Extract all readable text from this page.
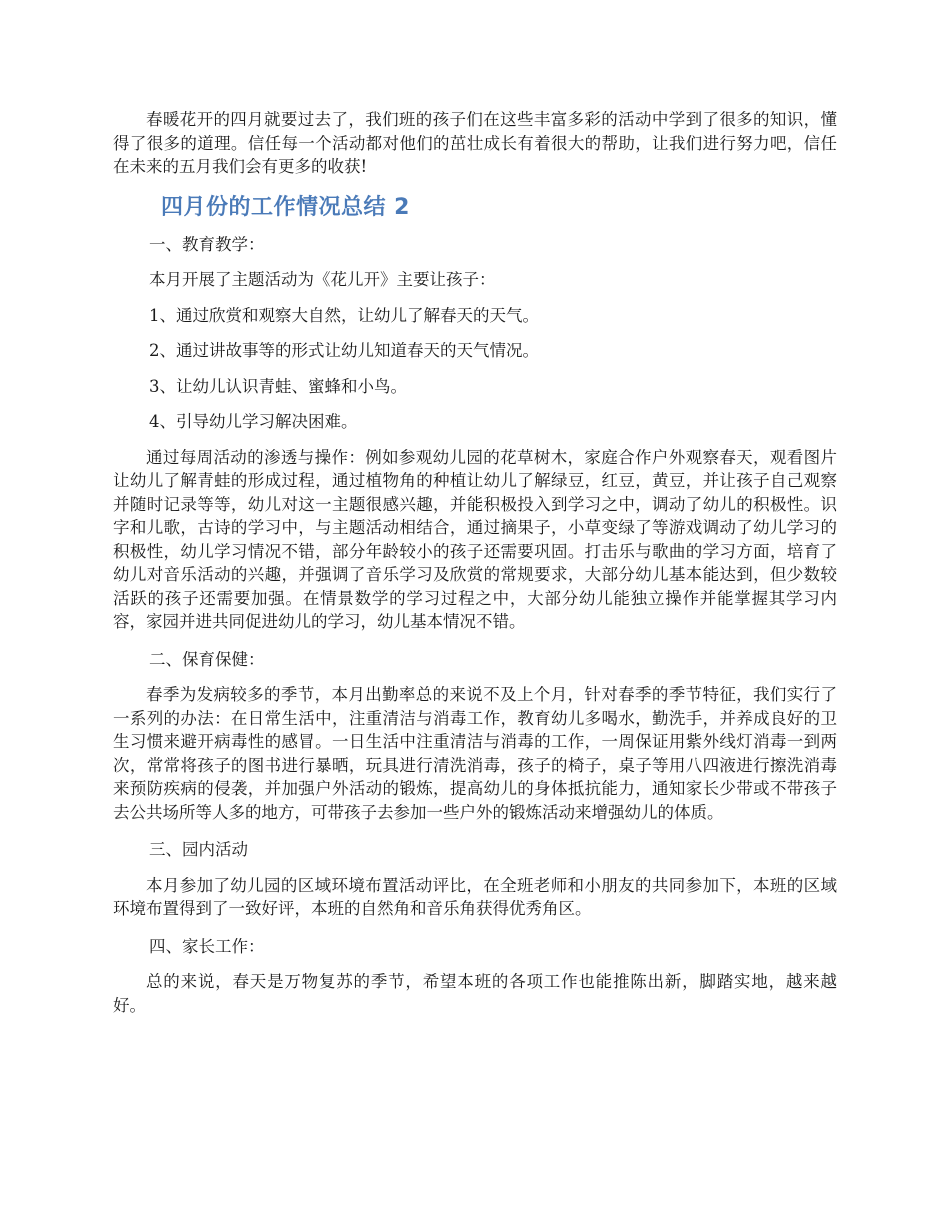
春暖花开的四月就要过去了，我们班的孩子们在这些丰富多彩的活动中学到了很多的知识，懂得了很多的道理。信任每一个活动都对他们的茁壮成长有着很大的帮助，让我们进行努力吧，信任在未来的五月我们会有更多的收获!

四月份的工作情况总结 2

一、教育教学：

本月开展了主题活动为《花儿开》主要让孩子：

1、通过欣赏和观察大自然，让幼儿了解春天的天气。

2、通过讲故事等的形式让幼儿知道春天的天气情况。

3、让幼儿认识青蛙、蜜蜂和小鸟。

4、引导幼儿学习解决困难。

通过每周活动的渗透与操作：例如参观幼儿园的花草树木，家庭合作户外观察春天，观看图片让幼儿了解青蛙的形成过程，通过植物角的种植让幼儿了解绿豆，红豆，黄豆，并让孩子自己观察并随时记录等等，幼儿对这一主题很感兴趣，并能积极投入到学习之中，调动了幼儿的积极性。识字和儿歌，古诗的学习中，与主题活动相结合，通过摘果子，小草变绿了等游戏调动了幼儿学习的积极性，幼儿学习情况不错，部分年龄较小的孩子还需要巩固。打击乐与歌曲的学习方面，培育了幼儿对音乐活动的兴趣，并强调了音乐学习及欣赏的常规要求，大部分幼儿基本能达到，但少数较活跃的孩子还需要加强。在情景数学的学习过程之中，大部分幼儿能独立操作并能掌握其学习内容，家园并进共同促进幼儿的学习，幼儿基本情况不错。

二、保育保健：

春季为发病较多的季节，本月出勤率总的来说不及上个月，针对春季的季节特征，我们实行了一系列的办法：在日常生活中，注重清洁与消毒工作，教育幼儿多喝水，勤洗手，并养成良好的卫生习惯来避开病毒性的感冒。一日生活中注重清洁与消毒的工作，一周保证用紫外线灯消毒一到两次，常常将孩子的图书进行暴晒，玩具进行清洗消毒，孩子的椅子，桌子等用八四液进行擦洗消毒来预防疾病的侵袭，并加强户外活动的锻炼，提高幼儿的身体抵抗能力，通知家长少带或不带孩子去公共场所等人多的地方，可带孩子去参加一些户外的锻炼活动来增强幼儿的体质。

三、园内活动

本月参加了幼儿园的区域环境布置活动评比，在全班老师和小朋友的共同参加下，本班的区域环境布置得到了一致好评，本班的自然角和音乐角获得优秀角区。

四、家长工作：

总的来说，春天是万物复苏的季节，希望本班的各项工作也能推陈出新，脚踏实地，越来越好。
